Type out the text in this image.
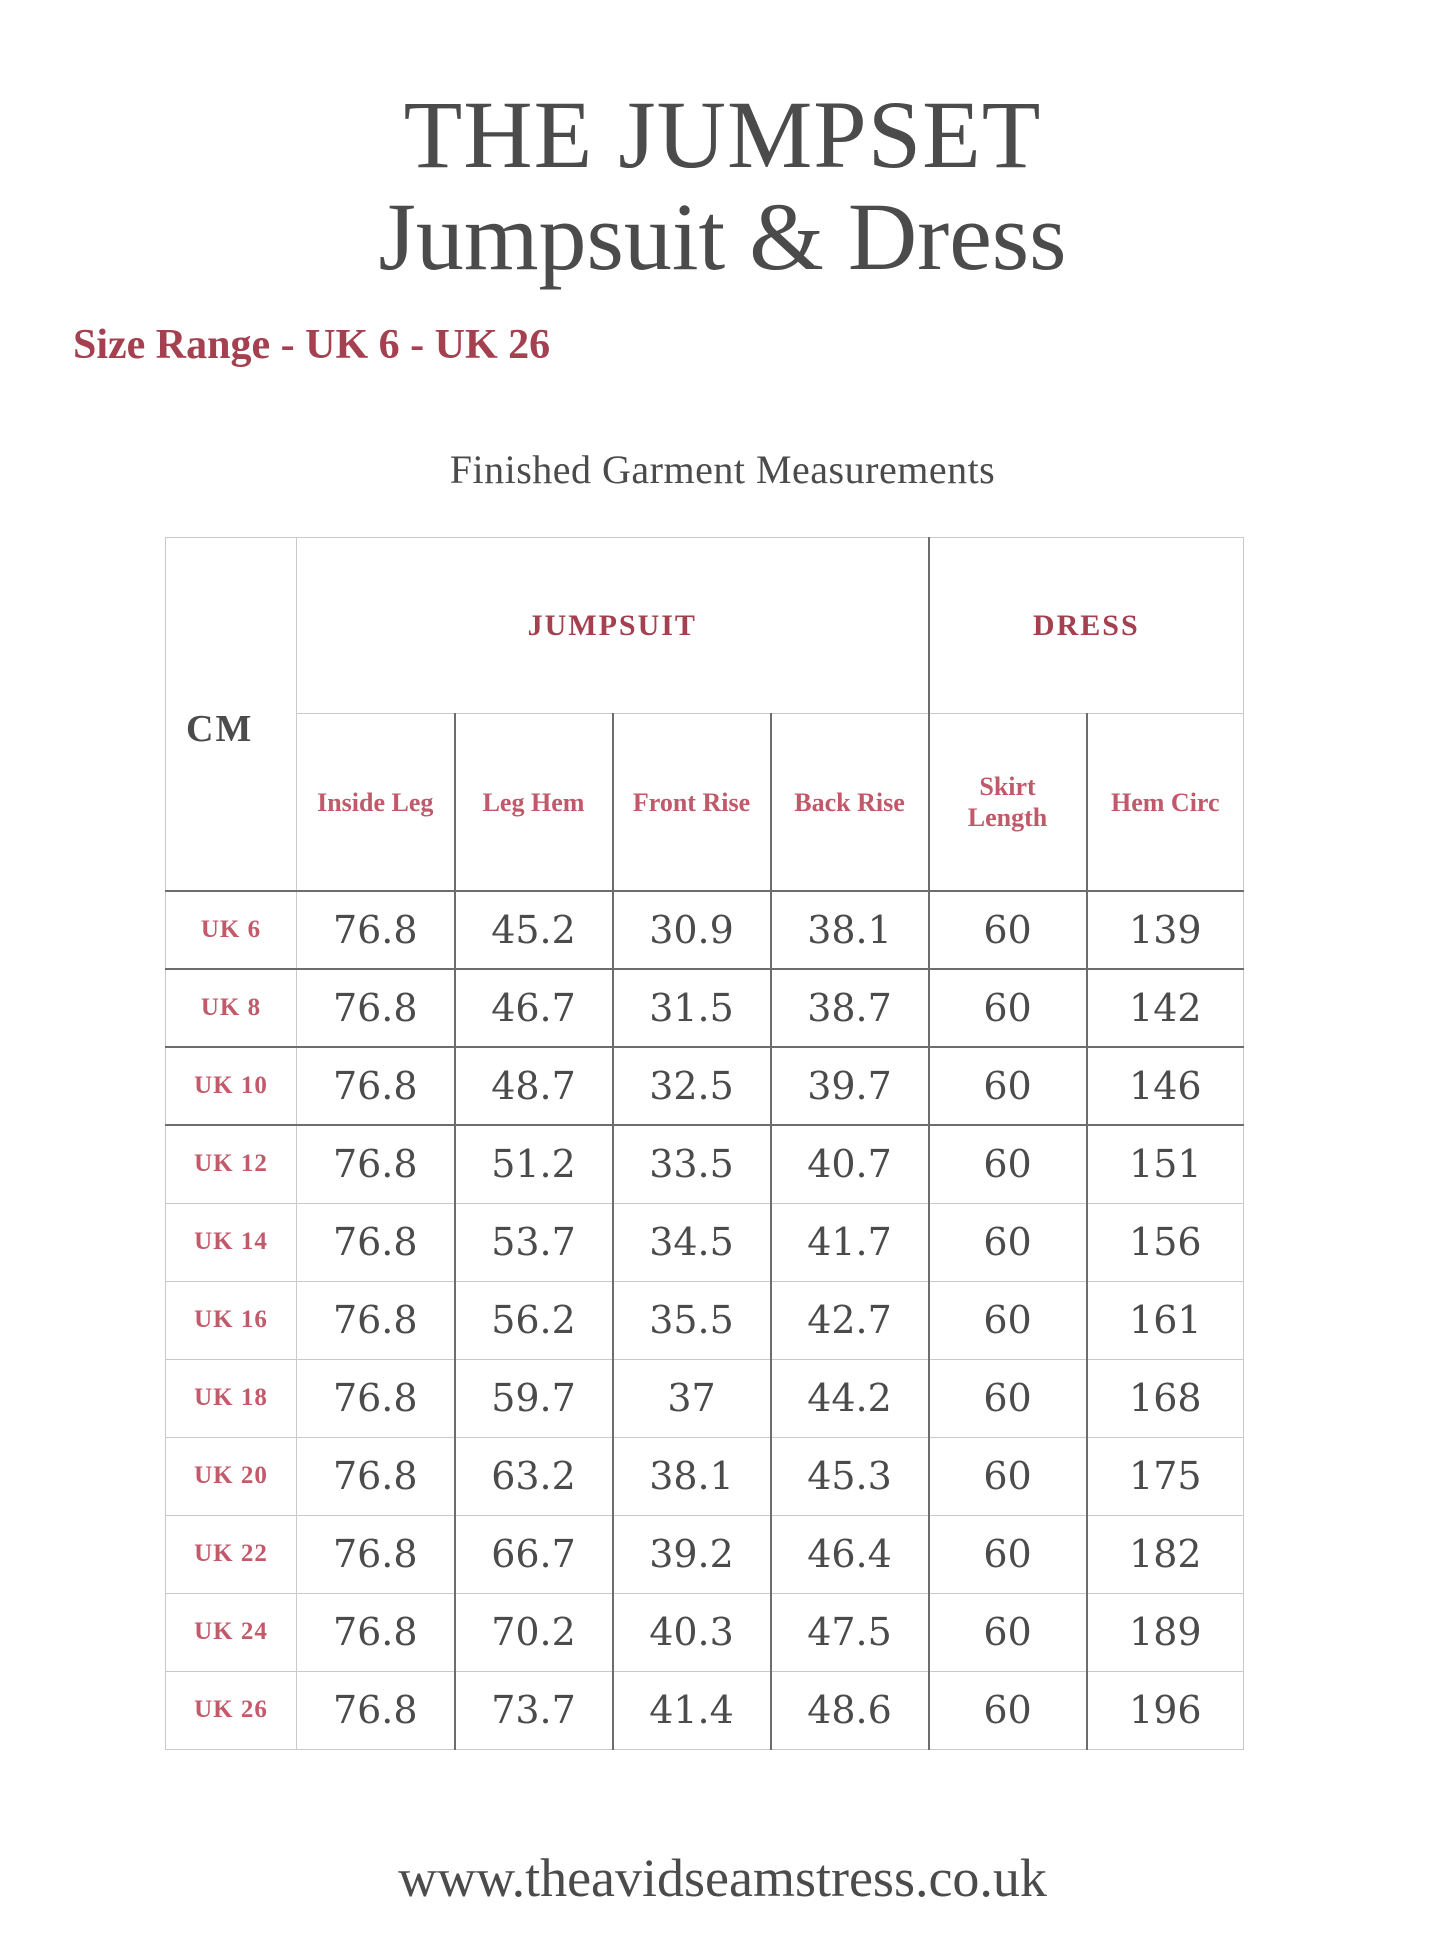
THE JUMPSET
Jumpsuit & Dress
Size Range - UK 6 - UK 26
Finished Garment Measurements
CM	JUMPSUIT				DRESS	
	Inside Leg	Leg Hem	Front Rise	Back Rise	Skirt Length	Hem Circ
UK 6	76.8	45.2	30.9	38.1	60	139
UK 8	76.8	46.7	31.5	38.7	60	142
UK 10	76.8	48.7	32.5	39.7	60	146
UK 12	76.8	51.2	33.5	40.7	60	151
UK 14	76.8	53.7	34.5	41.7	60	156
UK 16	76.8	56.2	35.5	42.7	60	161
UK 18	76.8	59.7	37	44.2	60	168
UK 20	76.8	63.2	38.1	45.3	60	175
UK 22	76.8	66.7	39.2	46.4	60	182
UK 24	76.8	70.2	40.3	47.5	60	189
UK 26	76.8	73.7	41.4	48.6	60	196
www.theavidseamstress.co.uk
